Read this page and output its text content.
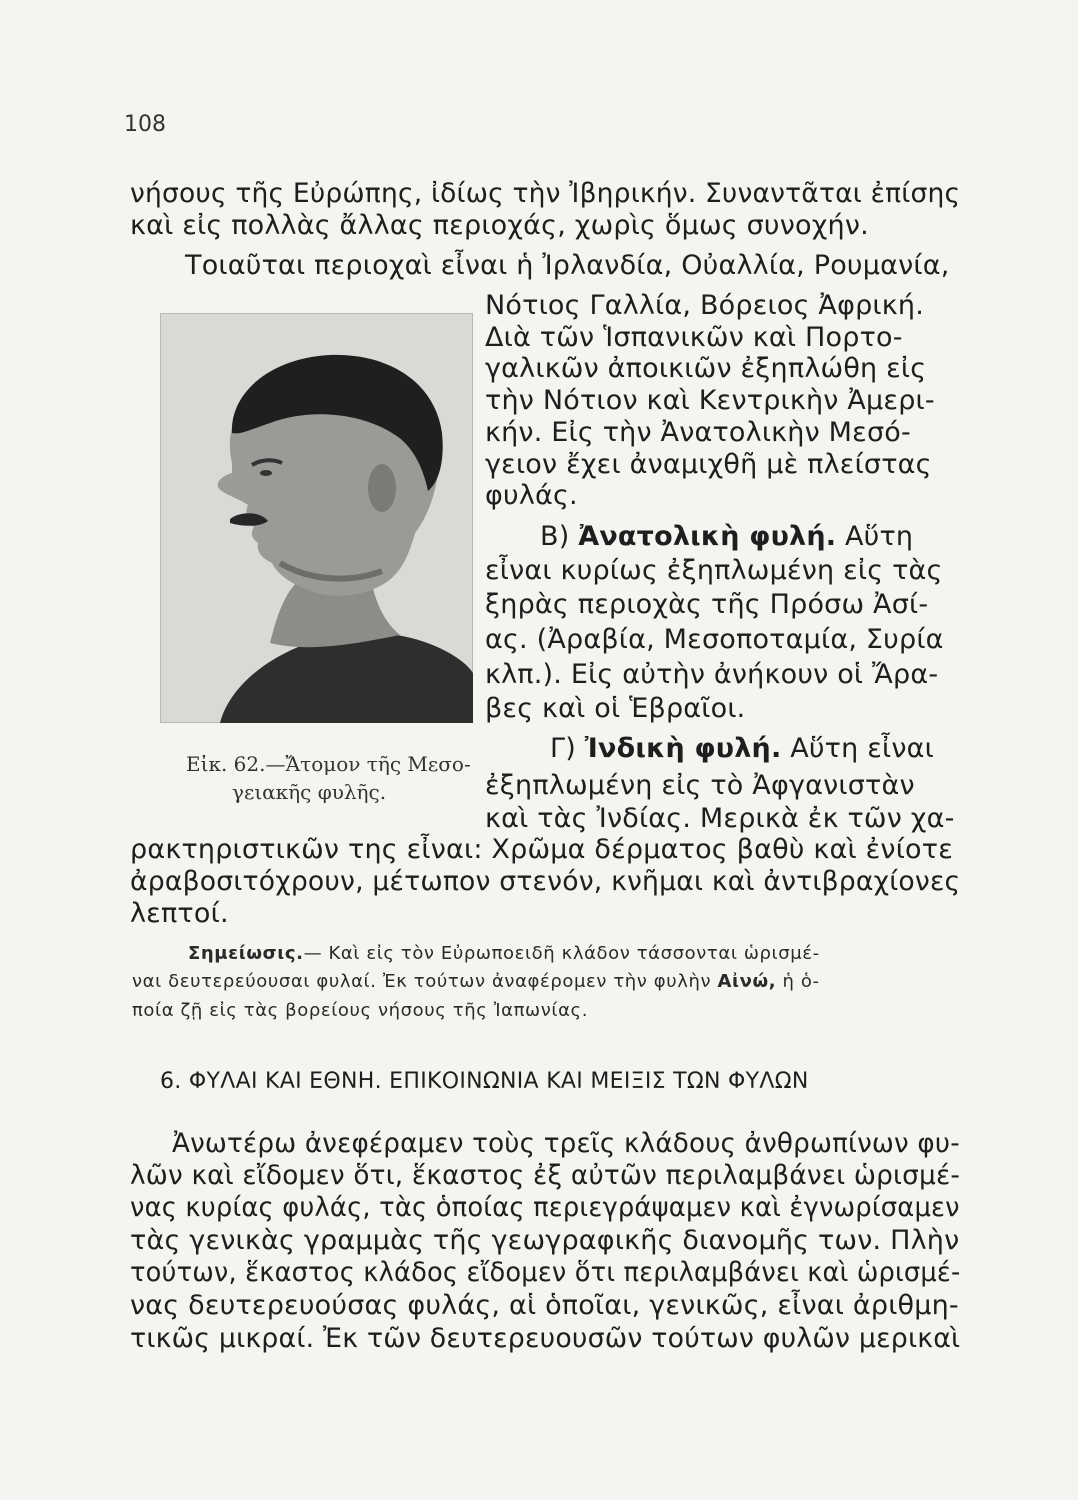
108
νήσους τῆς Εὐρώπης, ἰδίως τὴν Ἰβηρικήν. Συναντᾶται ἐπίσης
καὶ εἰς πολλὰς ἄλλας περιοχάς, χωρὶς ὅμως συνοχήν.
Τοιαῦται περιοχαὶ εἶναι ἡ Ἰρλανδία, Οὐαλλία, Ρουμανία,
Εἰκ. 62.—Ἄτομον τῆς Μεσο-
γειακῆς φυλῆς.
Νότιος Γαλλία, Βόρειος Ἀφρική.
Διὰ τῶν Ἱσπανικῶν καὶ Πορτο-
γαλικῶν ἀποικιῶν ἐξηπλώθη εἰς
τὴν Νότιον καὶ Κεντρικὴν Ἀμερι-
κήν. Εἰς τὴν Ἀνατολικὴν Μεσό-
γειον ἔχει ἀναμιχθῆ μὲ πλείστας
φυλάς.
Β) Ἀνατολικὴ φυλή. Αὕτη
εἶναι κυρίως ἐξηπλωμένη εἰς τὰς
ξηρὰς περιοχὰς τῆς Πρόσω Ἀσί-
ας. (Ἀραβία, Μεσοποταμία, Συρία
κλπ.). Εἰς αὐτὴν ἀνήκουν οἱ Ἄρα-
βες καὶ οἱ Ἑβραῖοι.
Γ) Ἰνδικὴ φυλή. Αὕτη εἶναι
ἐξηπλωμένη εἰς τὸ Ἀφγανιστὰν
καὶ τὰς Ἰνδίας. Μερικὰ ἐκ τῶν χα-
ρακτηριστικῶν της εἶναι: Χρῶμα δέρματος βαθὺ καὶ ἐνίοτε
ἀραβοσιτόχρουν, μέτωπον στενόν, κνῆμαι καὶ ἀντιβραχίονες
λεπτοί.
Σημείωσις.— Καὶ εἰς τὸν Εὐρωποειδῆ κλάδον τάσσονται ὡρισμέ-
ναι δευτερεύουσαι φυλαί. Ἐκ τούτων ἀναφέρομεν τὴν φυλὴν Αἰνώ, ἡ ὁ-
ποία ζῇ εἰς τὰς βορείους νήσους τῆς Ἰαπωνίας.
6. ΦΥΛΑΙ ΚΑΙ ΕΘΝΗ. ΕΠΙΚΟΙΝΩΝΙΑ ΚΑΙ ΜΕΙΞΙΣ ΤΩΝ ΦΥΛΩΝ
Ἀνωτέρω ἀνεφέραμεν τοὺς τρεῖς κλάδους ἀνθρωπίνων φυ-
λῶν καὶ εἴδομεν ὅτι, ἕκαστος ἐξ αὐτῶν περιλαμβάνει ὡρισμέ-
νας κυρίας φυλάς, τὰς ὁποίας περιεγράψαμεν καὶ ἐγνωρίσαμεν
τὰς γενικὰς γραμμὰς τῆς γεωγραφικῆς διανομῆς των. Πλὴν
τούτων, ἕκαστος κλάδος εἴδομεν ὅτι περιλαμβάνει καὶ ὡρισμέ-
νας δευτερευούσας φυλάς, αἱ ὁποῖαι, γενικῶς, εἶναι ἀριθμη-
τικῶς μικραί. Ἐκ τῶν δευτερευουσῶν τούτων φυλῶν μερικαὶ
